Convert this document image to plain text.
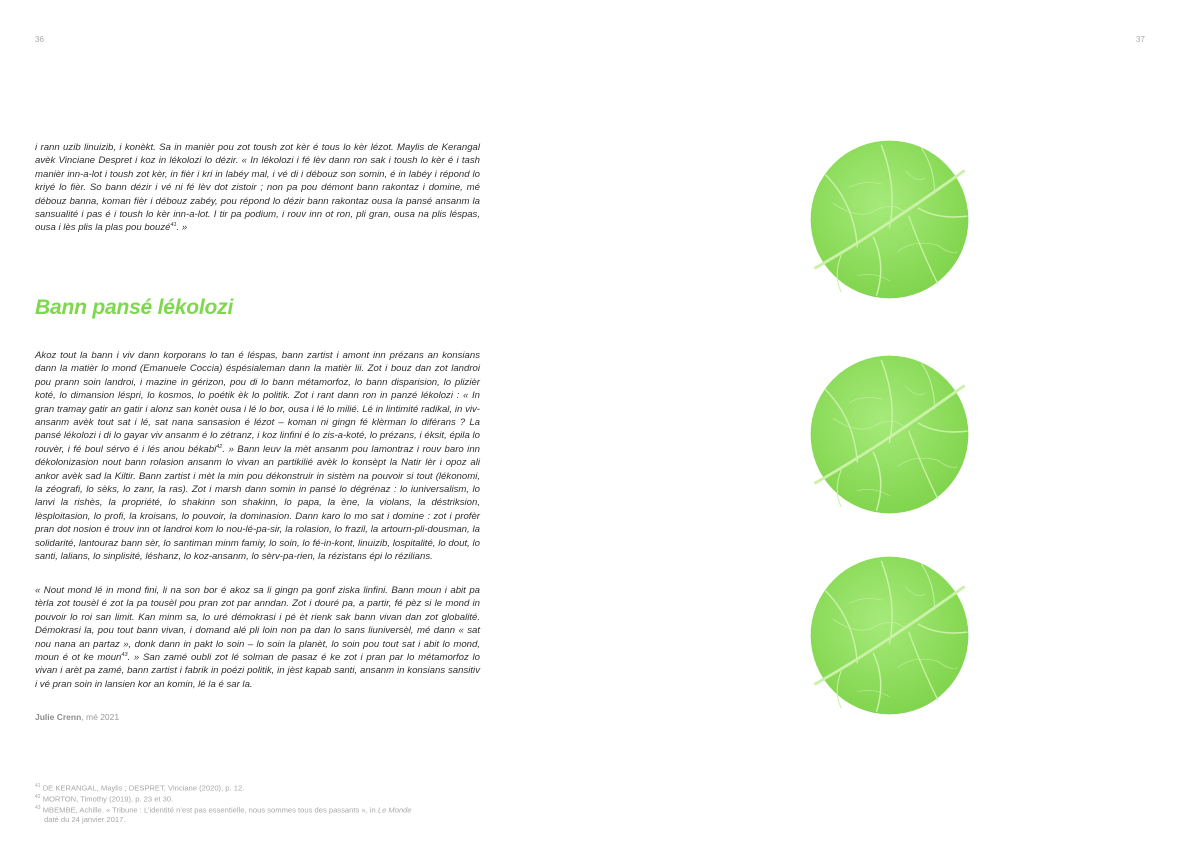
36	37

i rann uzib linuizib, i konèkt. Sa in manièr pou zot toush zot kèr é tous lo kèr lézot. Maylis de Kerangal avèk Vinciane Despret i koz in lékolozi lo dézir. « In lékolozi i fé lèv dann ron sak i toush lo kèr é i tash manièr inn-a-lot i toush zot kèr, in fièr i kri in labéy mal, i vé di i débouz son somin, é in labéy i répond lo kriyé lo fièr. So bann dézir i vé ni fé lèv dot zistoir ; non pa pou démont bann rakontaz i domine, mé débouz banna, koman fièr i débouz zabéy, pou répond lo dézir bann rakontaz ousa la pansé ansanm la sansualité i pas é i toush lo kèr inn-a-lot. I tir pa podium, i rouv inn ot ron, pli gran, ousa na plis léspas, ousa i lès plis la plas pou bouzé$^{41}$. »

Bann pansé lékolozi

Akoz tout la bann i viv dann korporans lo tan é léspas, bann zartist i amont inn prézans an konsians dann la matièr lo mond (Emanuele Coccia) éspésialeman dann la matièr lii. Zot i bouz dan zot landroi pou prann soin landroi, i mazine in gérizon, pou di lo bann métamorfoz, lo bann disparision, lo plizièr koté, lo dimansion léspri, lo kosmos, lo poétik èk lo politik. Zot i rant dann ron in panzé lékolozi : « In gran tramay gatir an gatir i alonz san konèt ousa i lé lo bor, ousa i lé lo milié. Lé in lintimité radikal, in viv-ansanm avèk tout sat i lé, sat nana sansasion é lézot – koman ni gingn fé klèrman lo diférans ? La pansé lékolozi i di lo gayar viv ansanm é lo zétranz, i koz linfini é lo zis-a-koté, lo prézans, i éksit, épila lo rouvèr, i fé boul sérvo é i lés anou békabi$^{42}$. » Bann leuv la mèt ansanm pou lamontraz i rouv baro inn dékolonizasion nout bann rolasion ansanm lo vivan an partikilié avèk lo konsèpt la Natir lèr i opoz ali ankor avèk sad la Kiltir. Bann zartist i mèt la min pou dékonstruir in sistèm na pouvoir si tout (lékonomi, la zéografi, lo sèks, lo zanr, la ras). Zot i marsh dann somin in pansé lo dégrénaz : lo iuniversalism, lo lanvi la rishès, la propriété, lo shakinn son shakinn, lo papa, la ène, la violans, la déstriksion, lèsploitasion, lo profi, la kroisans, lo pouvoir, la dominasion. Dann karo lo mo sat i domine : zot i profèr pran dot nosion é trouv inn ot landroi kom lo nou-lé-pa-sir, la rolasion, lo frazil, la artourn-pli-dousman, la solidarité, lantouraz bann sèr, lo santiman minm famiy, lo soin, lo fé-in-kont, linuizib, lospitalité, lo dout, lo santi, lalians, lo sinplisité, léshanz, lo koz-ansanm, lo sèrv-pa-rien, la rézistans épi lo rézilians.

« Nout mond lé in mond fini, li na son bor é akoz sa li gingn pa gonf ziska linfini. Bann moun i abit pa tèrla zot tousèl é zot la pa tousèl pou pran zot par anndan. Zot i douré pa, a partir, fé pèz si le mond in pouvoir lo roi san limit. Kan minm sa, lo uré démokrasi i pé èt rienk sak bann vivan dan zot globalité. Démokrasi la, pou tout bann vivan, i domand alé pli loin non pa dan lo sans liuniversèl, mé dann « sat nou nana an partaz », donk dann in pakt lo soin – lo soin la planèt, lo soin pou tout sat i abit lo mond, moun é ot ke moun$^{43}$. » San zamé oubli zot lé solman de pasaz é ke zot i pran par lo métamorfoz lo vivan i arèt pa zamé, bann zartist i fabrik in poézi politik, in jèst kapab santi, ansanm in konsians sansitiv i vé pran soin in lansien kor an komin, lé la é sar la.

Julie Crenn, mé 2021
$^{41}$ DE KERANGAL, Maylis ; DESPRET, Vinciane (2020), p. 12.
$^{42}$ MORTON, Timothy (2019), p. 23 et 30.
$^{43}$ MBEMBE, Achille. « Tribune : L’identité n’est pas essentielle, nous sommes tous des passants », in Le Monde
daté du 24 janvier 2017.
